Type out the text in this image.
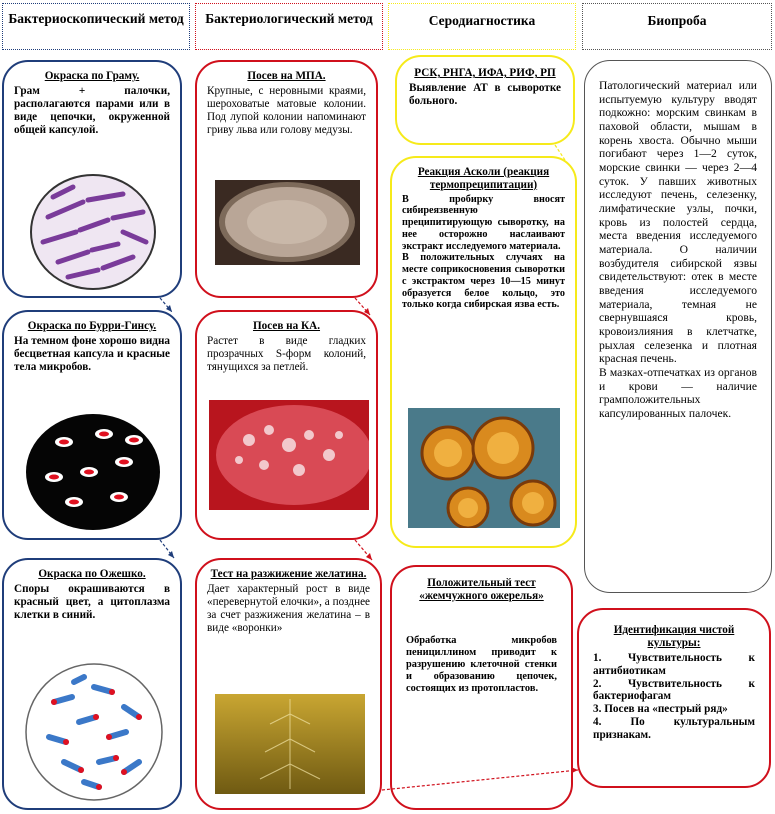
Бактериоскопический метод	Бактериологический метод	Серодиагностика	Биопроба
Окраска по Граму.
Грам + палочки, располагаются парами или в виде цепочки, окруженной общей капсулой.
Окраска по Бурри-Гинсу.
На темном фоне хорошо видна бесцветная капсула и красные тела микробов.
Окраска по Ожешко.
Споры окрашиваются в красный цвет, а цитоплазма клетки в синий.
Посев на МПА.
Крупные, с неровными краями, шероховатые матовые колонии. Под лупой колонии напоминают гриву льва или голову медузы.
Посев на КА.
Растет в виде гладких прозрачных S-форм колоний, тянущихся за петлей.
Тест на разжижение желатина.
Дает характерный рост в виде «перевернутой елочки», а позднее за счет разжижения желатина – в виде «воронки»
РСК, РНГА, ИФА, РИФ, РП
Выявление АТ в сыворотке больного.
Реакция Асколи (реакция термопреципитации)
В пробирку вносят сибиреязвенную преципитирующую сыворотку, на нее осторожно наслаивают экстракт исследуемого материала.
В положительных случаях на месте соприкосновения сыворотки с экстрактом через 10—15 минут образуется белое кольцо, это только когда сибирская язва есть.
Положительный тест «жемчужного ожерелья»
Обработка микробов пенициллином приводит к разрушению клеточной стенки и образованию цепочек, состоящих из протопластов.
Патологический материал или испытуемую культуру вводят подкожно: морским свинкам в паховой области, мышам в корень хвоста. Обычно мыши погибают через 1—2 суток, морские свинки — через 2—4 суток. У павших животных исследуют печень, селезенку, лимфатические узлы, почки, кровь из полостей сердца, места введения исследуемого материала. О наличии возбудителя сибирской язвы свидетельствуют: отек в месте введения исследуемого материала, темная не свернувшаяся кровь, кровоизлияния в клетчатке, рыхлая селезенка и плотная красная печень.
В мазках-отпечатках из органов и крови — наличие грамположительных капсулированных палочек.
Идентификация чистой культуры:
1. Чувствительность к антибиотикам
2. Чувствительность к бактериофагам
3. Посев на «пестрый ряд»
4. По культуральным признакам.
